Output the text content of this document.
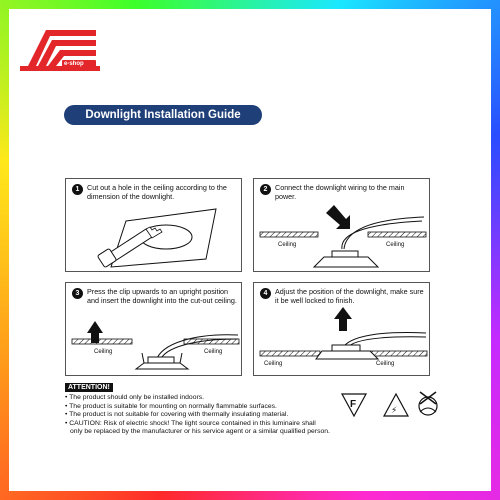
e-shop
Downlight Installation Guide
1	Cut out a hole in the ceiling according to the dimension of the downlight.
2	Connect the downlight wiring to the main power.
Ceiling	Ceiling
3	Press the clip upwards to an upright position and insert the downlight into the cut-out ceiling.
Ceiling	Ceiling
4	Adjust the position of the downlight, make sure it be well locked to finish.
Ceiling	Ceiling
ATTENTION!
• The product should only be installed indoors.
• The product is suitable for mounting on normally flammable surfaces.
• The product is not suitable for covering with thermally insulating material.
• CAUTION: Risk of electric shock! The light source contained in this luminaire shall
only be replaced by the manufacturer or his service agent or a similar qualified person.
F
⚡
